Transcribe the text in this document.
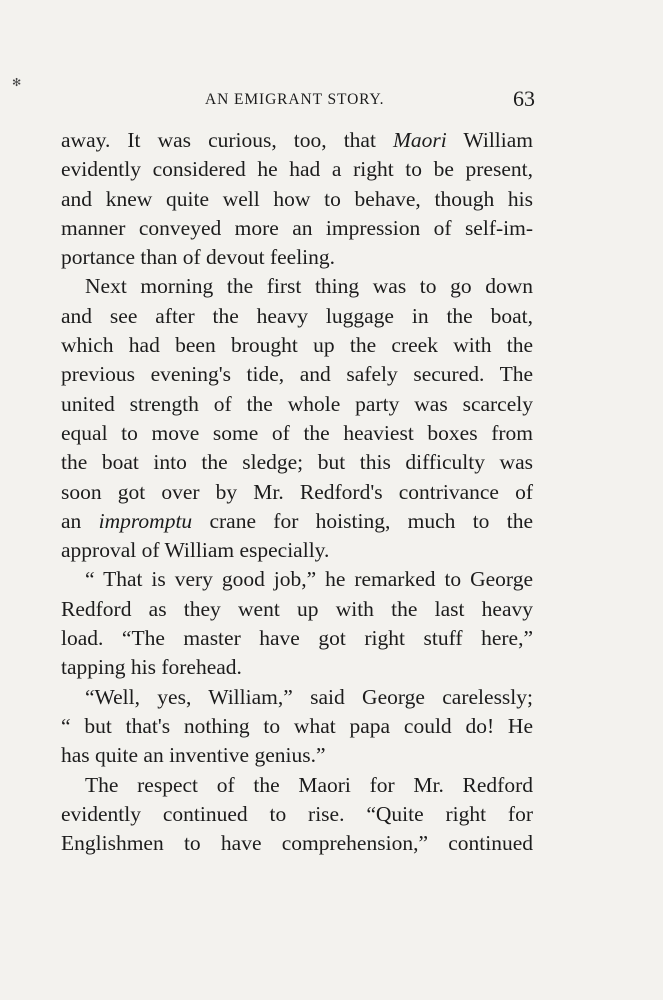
✻
AN EMIGRANT STORY.	63
away. It was curious, too, that Maori William
evidently considered he had a right to be present,
and knew quite well how to behave, though his
manner conveyed more an impression of self-im-
portance than of devout feeling.
Next morning the first thing was to go down
and see after the heavy luggage in the boat,
which had been brought up the creek with the
previous evening's tide, and safely secured. The
united strength of the whole party was scarcely
equal to move some of the heaviest boxes from
the boat into the sledge; but this difficulty was
soon got over by Mr. Redford's contrivance of
an impromptu crane for hoisting, much to the
approval of William especially.
“ That is very good job,” he remarked to George
Redford as they went up with the last heavy
load. “The master have got right stuff here,”
tapping his forehead.
“Well, yes, William,” said George carelessly;
“ but that's nothing to what papa could do! He
has quite an inventive genius.”
The respect of the Maori for Mr. Redford
evidently continued to rise. “Quite right for
Englishmen to have comprehension,” continued
